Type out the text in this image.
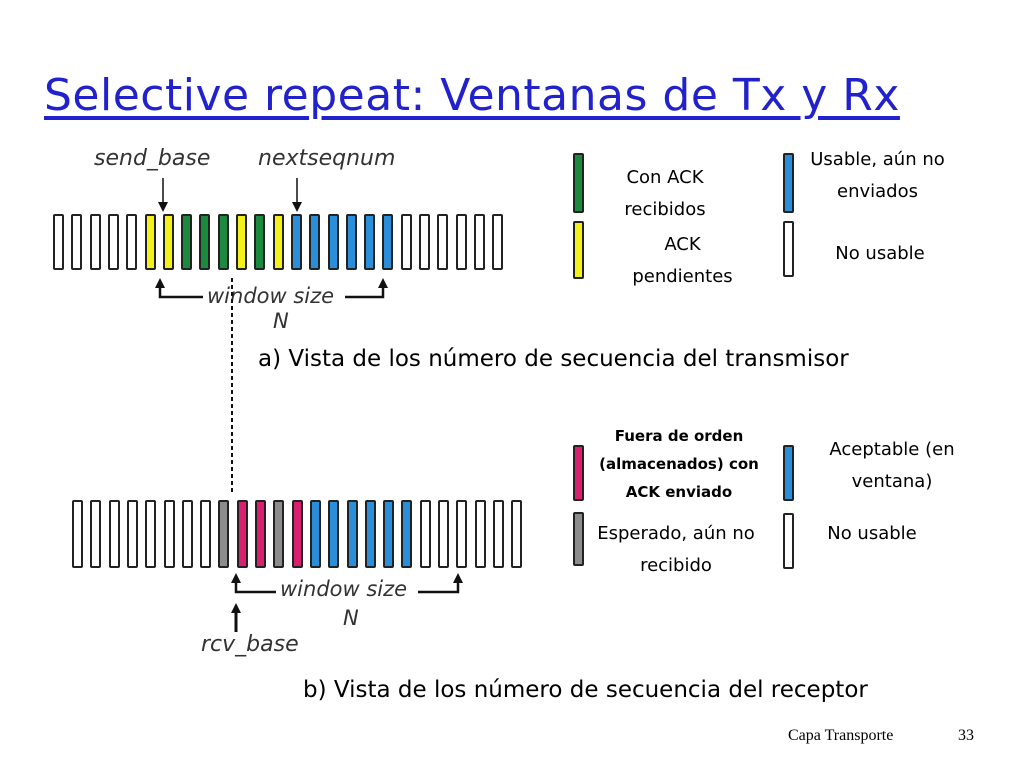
Selective repeat: Ventanas de Tx y Rx
send_base nextseqnum
window size
N
a) Vista de los número de secuencia del transmisor
Con ACK recibidos
ACK pendientes
Usable, aún no enviados
No usable
window size
N
rcv_base
b) Vista de los número de secuencia del receptor
Fuera de orden (almacenados) con ACK enviado
Aceptable (en ventana)
Esperado, aún no recibido
No usable
Capa Transporte	33
